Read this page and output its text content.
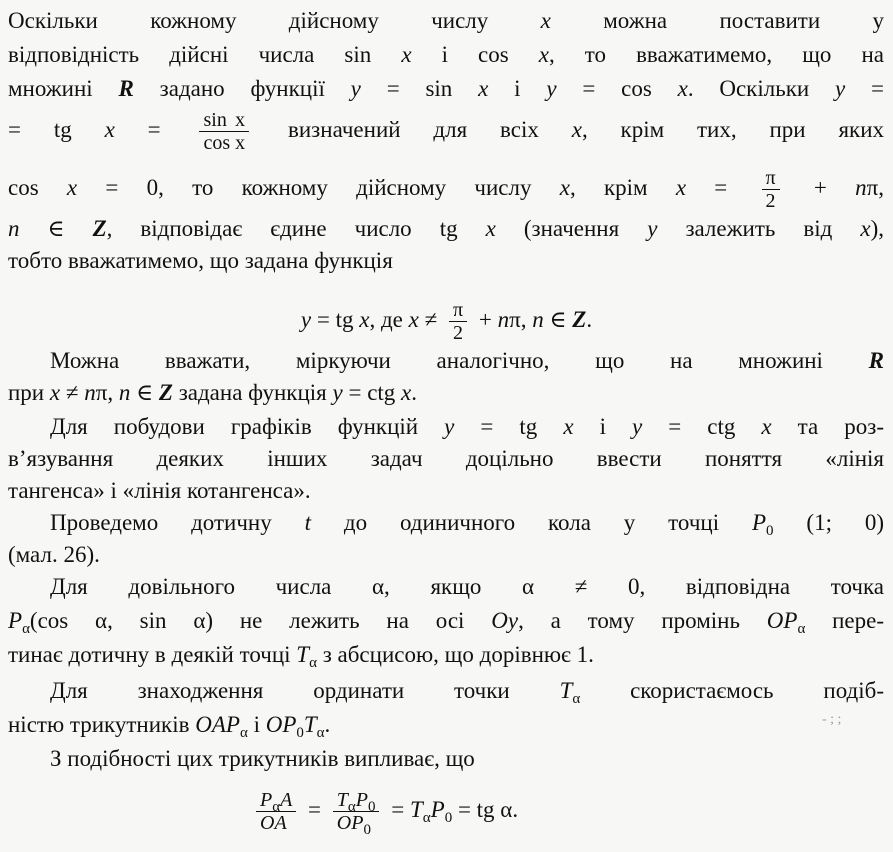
Оскільки кожному дійсному числу x можна поставити у
відповідність дійсні числа sin x і cos x, то вважатимемо, що на
множині R задано функції y = sin x і y = cos x. Оскільки y =
= tg $x = \frac{\text{sin x}}{\text{cos x}}$ визначений для всіх x, крім тих, при яких
cos x = 0, то кожному дійсному числу x, крім $x = \frac{\pi}{2} + n\pi$,
n ∈ Z, відповідає єдине число tg x (значення y залежить від x),
тобто вважатимемо, що задана функція
y = tg x, де $x \ne \frac{\pi}{2} + n\pi$, n ∈ Z.
Можна вважати, міркуючи аналогічно, що на множині R
при x ≠ nπ, n ∈ Z задана функція y = ctg x.
Для побудови графіків функцій y = tg x і y = ctg x та роз-
в’язування деяких інших задач доцільно ввести поняття «лінія
тангенса» і «лінія котангенса».
Проведемо дотичну t до одиничного кола у точці $P_0$ (1; 0)
(мал. 26).
Для довільного числа α, якщо α ≠ 0, відповідна точка
$P_\alpha(\cos$ α, sin α) не лежить на осі Oy, а тому промінь $OP_\alpha$ пере-
тинає дотичну в деякій точці $T_\alpha$ з абсцисою, що дорівнює 1.
Для знаходження ординати точки $T_\alpha$ скористаємось подіб-
ністю трикутників $OAP_\alpha$ і $OP_0T_\alpha$.
З подібності цих трикутників випливає, що
$\frac{P_\alpha A}{OA} = \frac{T_\alpha P_0}{OP_0} = T_\alpha P_0$ = tg α.
- ; ;
